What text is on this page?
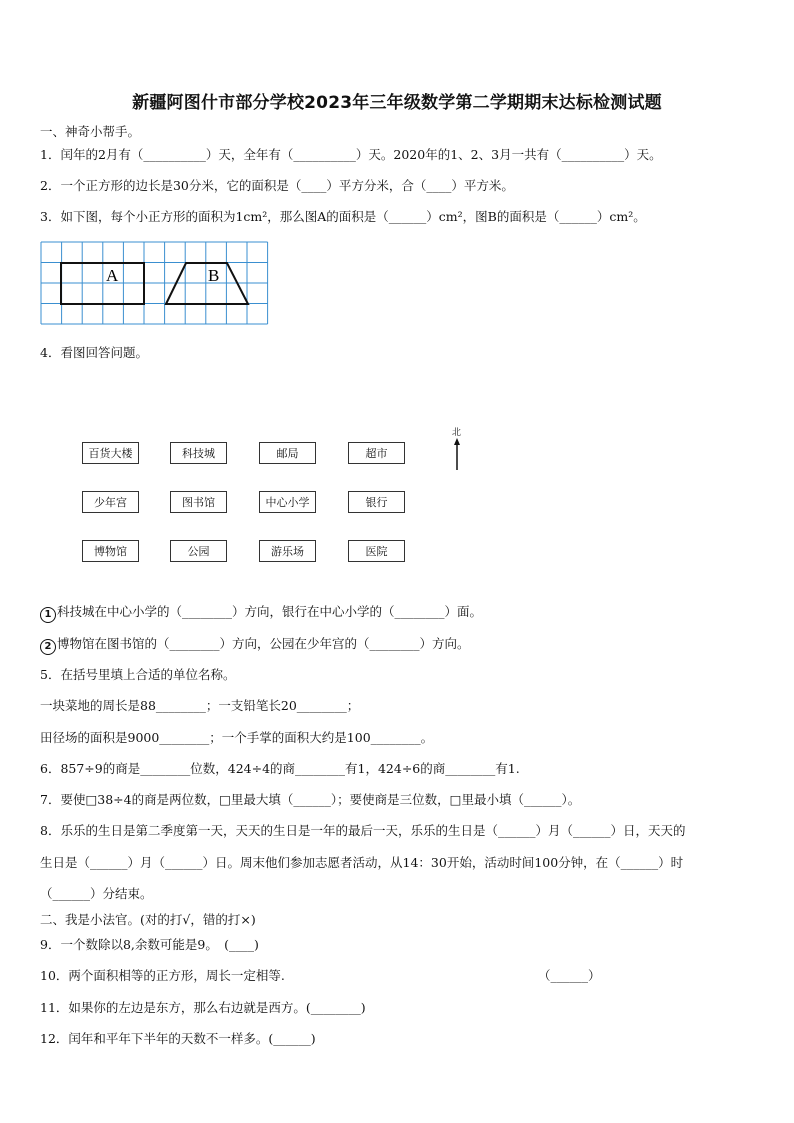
新疆阿图什市部分学校2023年三年级数学第二学期期末达标检测试题
一、神奇小帮手。
1．闰年的2月有（__________）天，全年有（__________）天。2020年的1、2、3月一共有（__________）天。
2．一个正方形的边长是30分米，它的面积是（____）平方分米，合（____）平方米。
3．如下图，每个小正方形的面积为1cm²，那么图A的面积是（______）cm²，图B的面积是（______）cm²。
A	B
4．看图回答问题。
百货大楼	科技城	邮局	超市
少年宫	图书馆	中心小学	银行
博物馆	公园	游乐场	医院
北
1 科技城在中心小学的（________）方向，银行在中心小学的（________）面。
2 博物馆在图书馆的（________）方向，公园在少年宫的（________）方向。
5．在括号里填上合适的单位名称。
一块菜地的周长是88________；一支铅笔长20________；
田径场的面积是9000________；一个手掌的面积大约是100________。
6．857÷9的商是________位数，424÷4的商________有1，424÷6的商________有1.
7．要使□38÷4的商是两位数，□里最大填（______）；要使商是三位数，□里最小填（______）。
8．乐乐的生日是第二季度第一天，天天的生日是一年的最后一天，乐乐的生日是（______）月（______）日，天天的
生日是（______）月（______）日。周末他们参加志愿者活动，从14：30开始，活动时间100分钟，在（______）时
（______）分结束。
二、我是小法官。(对的打√，错的打×)
9．一个数除以8,余数可能是9。　(____)
10．两个面积相等的正方形，周长一定相等.	（______）
11．如果你的左边是东方，那么右边就是西方。(________)
12．闰年和平年下半年的天数不一样多。(______)
